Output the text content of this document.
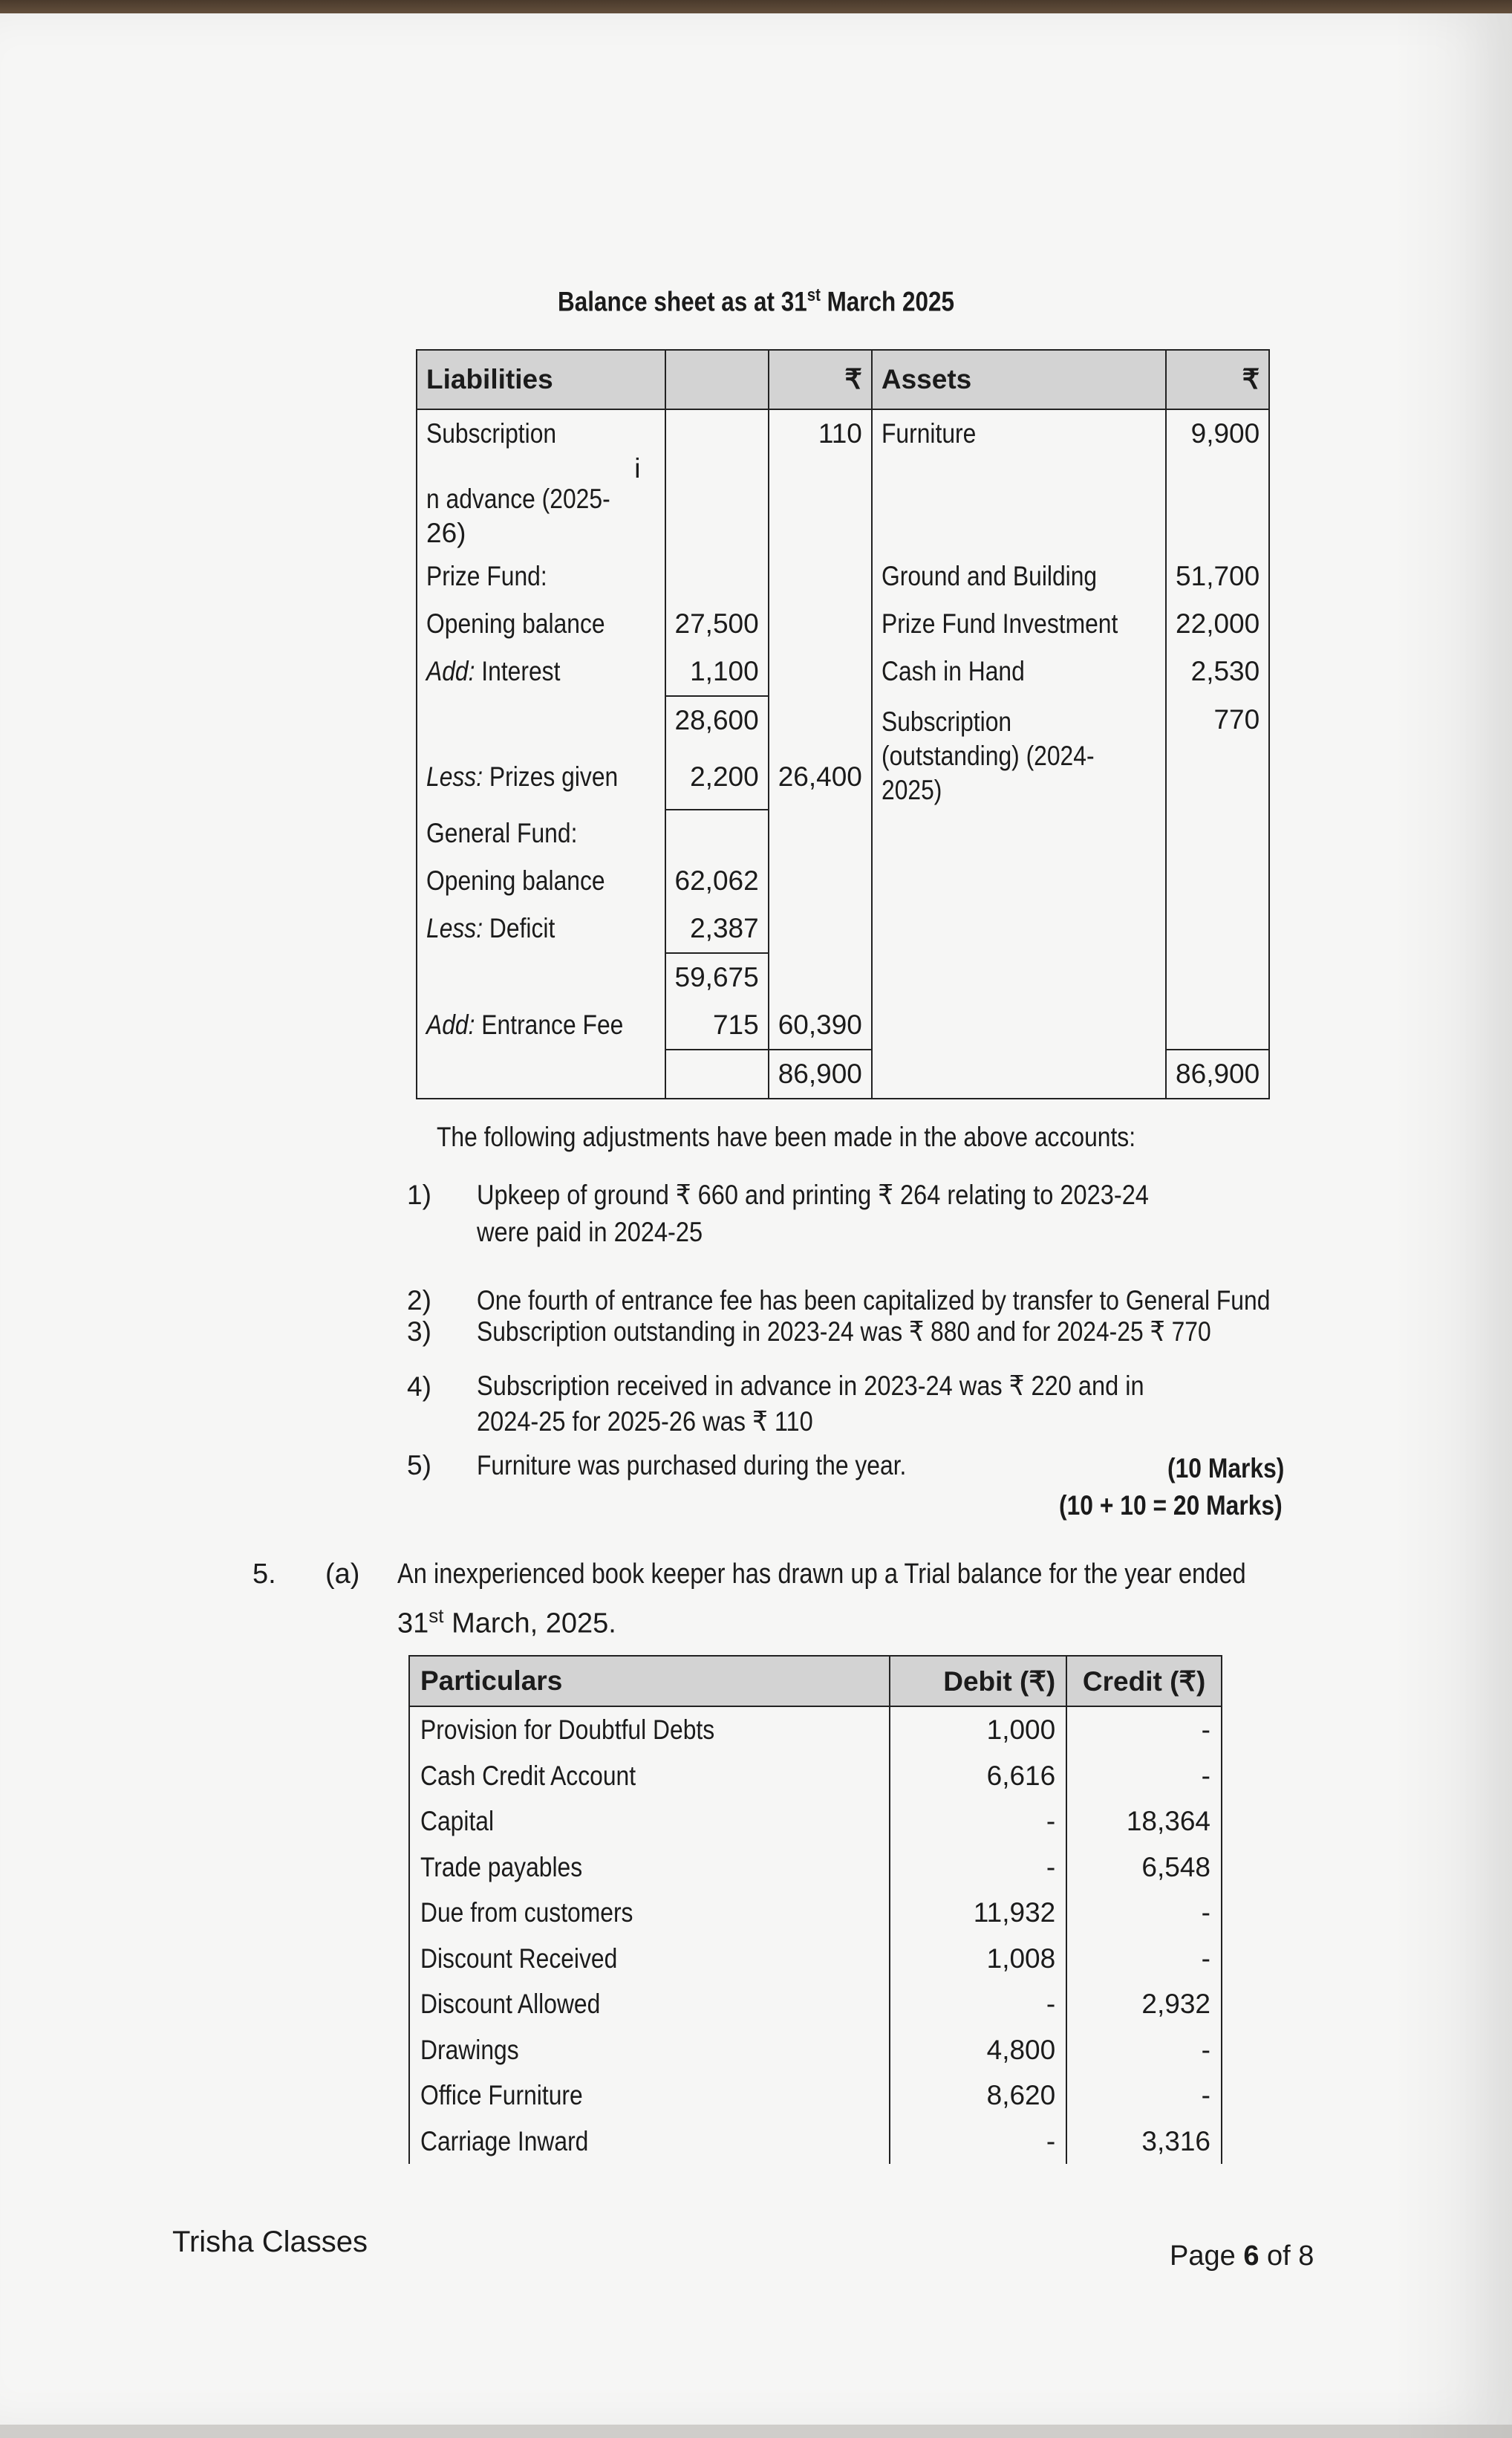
Balance sheet as at 31st March 2025
Liabilities		₹	Assets	₹

Subscription
i
n advance (2025-
26)		110	Furniture	9,900
Prize Fund:			Ground and Building	51,700
Opening balance	27,500		Prize Fund Investment	22,000
Add: Interest	1,100		Cash in Hand	2,530
	28,600		Subscription
(outstanding) (2024-
2025)	770
Less: Prizes given	2,200	26,400		
General Fund:				
Opening balance	62,062			
Less: Deficit	2,387			
	59,675			
Add: Entrance Fee	715	60,390		
		86,900		86,900
The following adjustments have been made in the above accounts:
1) Upkeep of ground ₹ 660 and printing ₹ 264 relating to 2023-24 were paid in 2024-25
2) One fourth of entrance fee has been capitalized by transfer to General Fund
3) Subscription outstanding in 2023-24 was ₹ 880 and for 2024-25 ₹ 770
4) Subscription received in advance in 2023-24 was ₹ 220 and in 2024-25 for 2025-26 was ₹ 110
5) Furniture was purchased during the year.	(10 Marks)
(10 + 10 = 20 Marks)
5. (a) An inexperienced book keeper has drawn up a Trial balance for the year ended
31st March, 2025.
Particulars	Debit (₹)	Credit (₹)
Provision for Doubtful Debts	1,000	-
Cash Credit Account	6,616	-
Capital	-	18,364
Trade payables	-	6,548
Due from customers	11,932	-
Discount Received	1,008	-
Discount Allowed	-	2,932
Drawings	4,800	-
Office Furniture	8,620	-
Carriage Inward	-	3,316
Trisha Classes	Page 6 of 8
